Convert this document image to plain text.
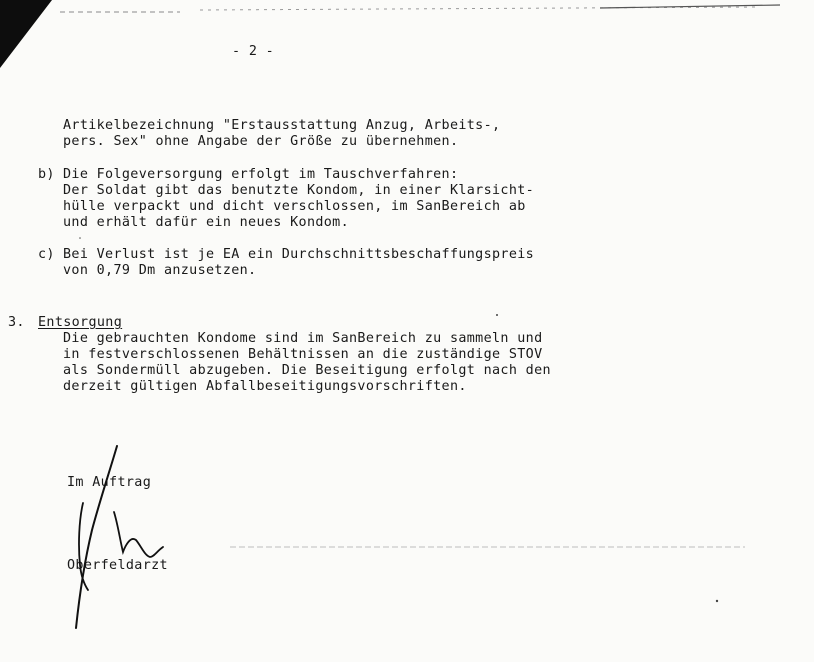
- 2 -
Artikelbezeichnung "Erstausstattung Anzug, Arbeits-,
pers. Sex" ohne Angabe der Größe zu übernehmen.
b) Die Folgeversorgung erfolgt im Tauschverfahren:
Der Soldat gibt das benutzte Kondom, in einer Klarsicht-
hülle verpackt und dicht verschlossen, im SanBereich ab
und erhält dafür ein neues Kondom.
c) Bei Verlust ist je EA ein Durchschnittsbeschaffungspreis
von 0,79 Dm anzusetzen.
3. Entsorgung
Die gebrauchten Kondome sind im SanBereich zu sammeln und
in festverschlossenen Behältnissen an die zuständige STOV
als Sondermüll abzugeben. Die Beseitigung erfolgt nach den
derzeit gültigen Abfallbeseitigungsvorschriften.
Im Auftrag
Oberfeldarzt
